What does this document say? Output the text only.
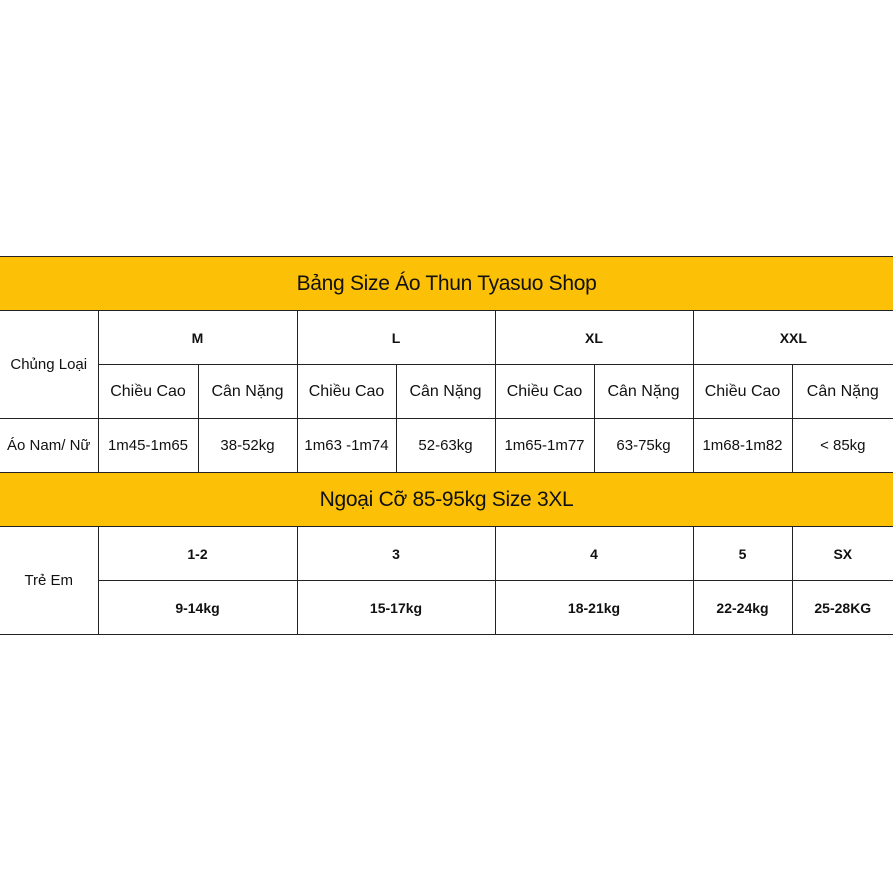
Bảng Size Áo Thun Tyasuo Shop								
Chủng Loại	M		L		XL		XXL	
	Chiều Cao	Cân Nặng	Chiều Cao	Cân Nặng	Chiều Cao	Cân Nặng	Chiều Cao	Cân Nặng
Áo Nam/ Nữ	1m45-1m65	38-52kg	1m63 -1m74	52-63kg	1m65-1m77	63-75kg	1m68-1m82	< 85kg
Ngoại Cỡ 85-95kg Size 3XL								
Trẻ Em	1-2		3		4		5	SX
	9-14kg		15-17kg		18-21kg		22-24kg	25-28KG
